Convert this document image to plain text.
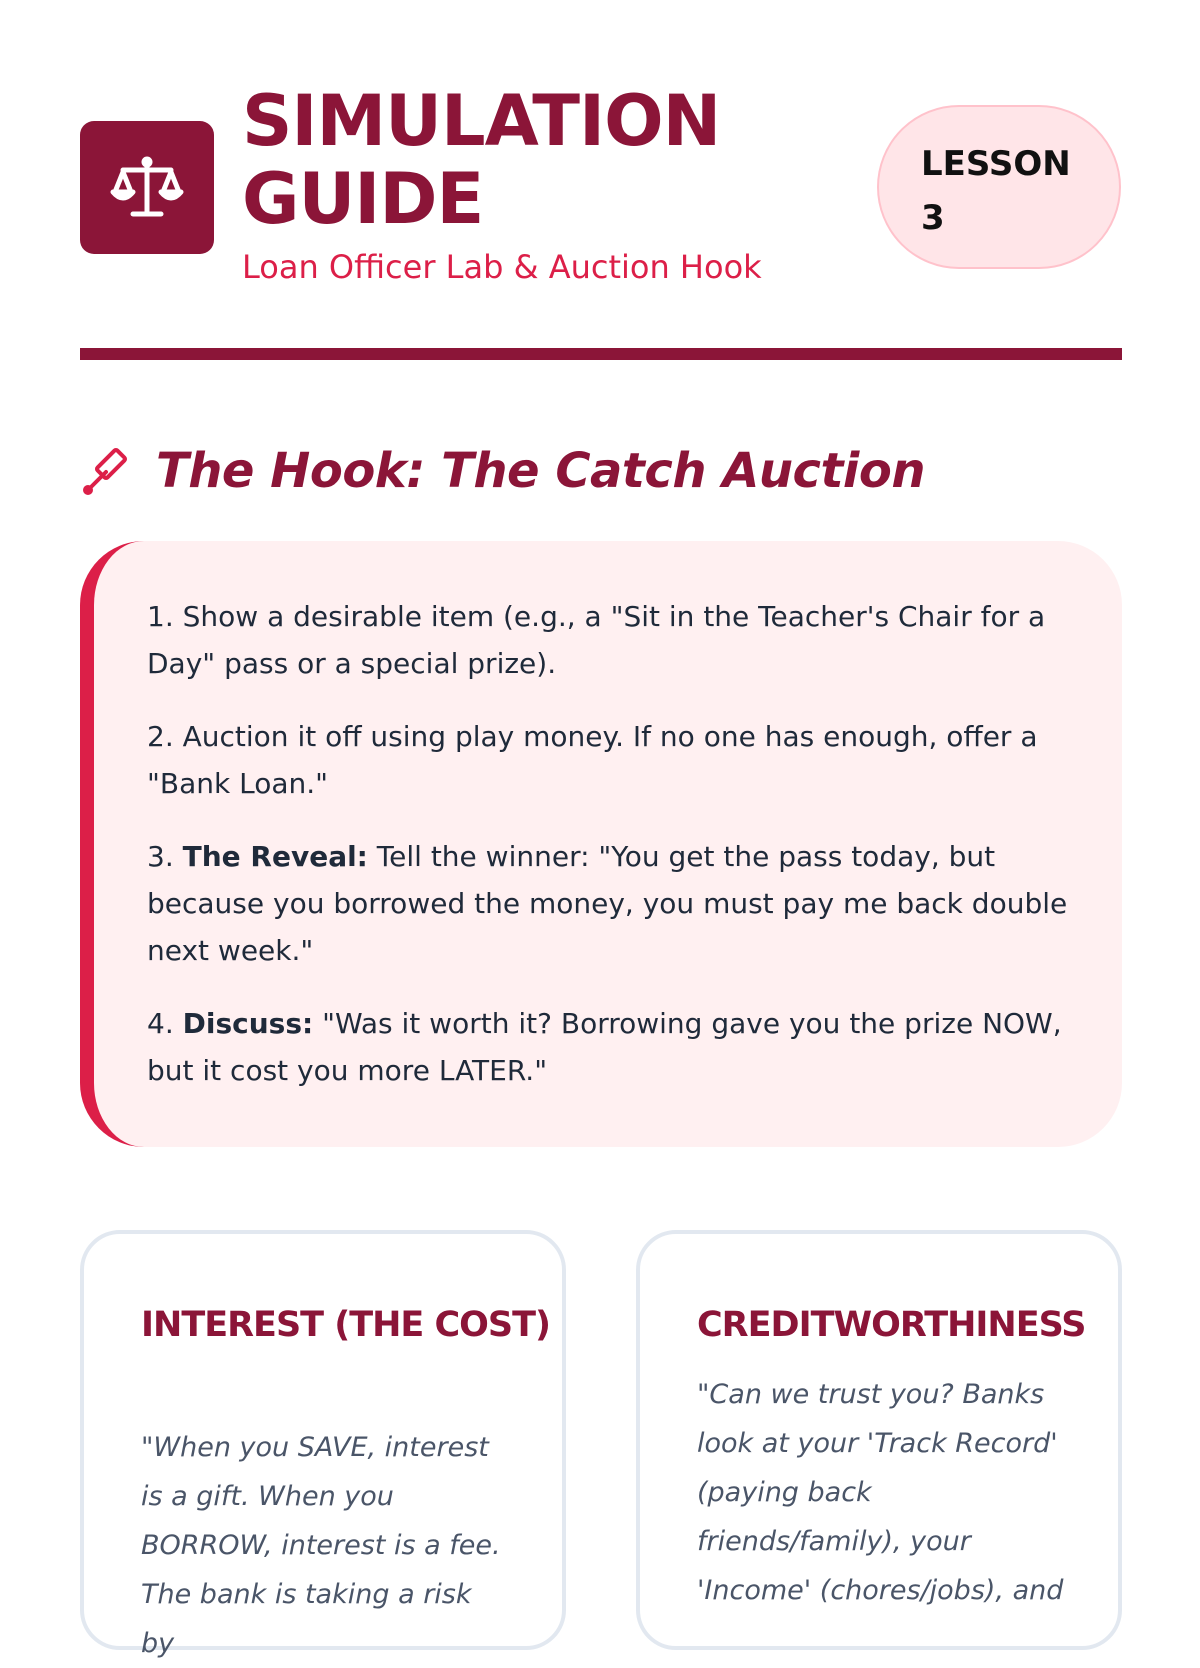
SIMULATION
GUIDE

Loan Officer Lab & Auction Hook

LESSON
3
The Hook: The Catch Auction

1. Show a desirable item (e.g., a "Sit in the Teacher's Chair for a Day" pass or a special prize).

2. Auction it off using play money. If no one has enough, offer a "Bank Loan."

3. The Reveal: Tell the winner: "You get the pass today, but because you borrowed the money, you must pay me back double next week."

4. Discuss: "Was it worth it? Borrowing gave you the prize NOW, but it cost you more LATER."

INTEREST (THE COST)

"When you SAVE, interest is a gift. When you BORROW, interest is a fee. The bank is taking a risk by

CREDITWORTHINESS

"Can we trust you? Banks look at your 'Track Record' (paying back friends/family), your 'Income' (chores/jobs), and
